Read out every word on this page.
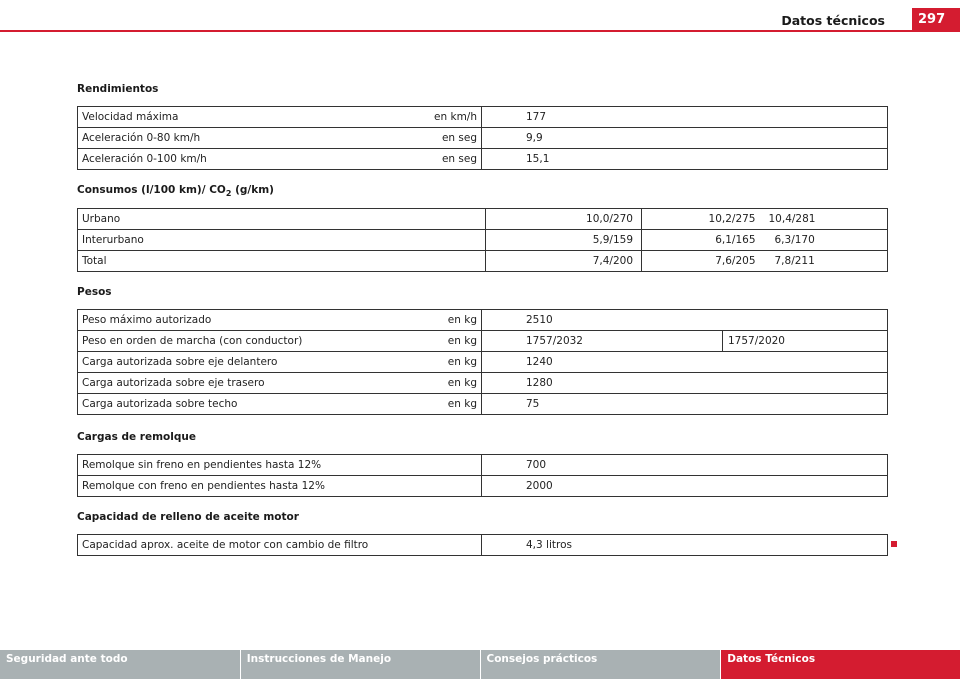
Datos técnicos	297
Rendimientos
Velocidad máxima	en km/h	177
Aceleración 0-80 km/h	en seg	9,9
Aceleración 0-100 km/h	en seg	15,1
Consumos (l/100 km)/ $CO_2$ (g/km)
Urbano	10,0/270	10,2/275	10,4/281
Interurbano	5,9/159	6,1/165	6,3/170
Total	7,4/200	7,6/205	7,8/211
Pesos
Peso máximo autorizado	en kg	2510	
Peso en orden de marcha (con conductor)	en kg	1757/2032	1757/2020
Carga autorizada sobre eje delantero	en kg	1240	
Carga autorizada sobre eje trasero	en kg	1280	
Carga autorizada sobre techo	en kg	75	
Cargas de remolque
Remolque sin freno en pendientes hasta 12%	700
Remolque con freno en pendientes hasta 12%	2000
Capacidad de relleno de aceite motor
Capacidad aprox. aceite de motor con cambio de filtro	4,3 litros
Seguridad ante todo	Instrucciones de Manejo	Consejos prácticos	Datos Técnicos
